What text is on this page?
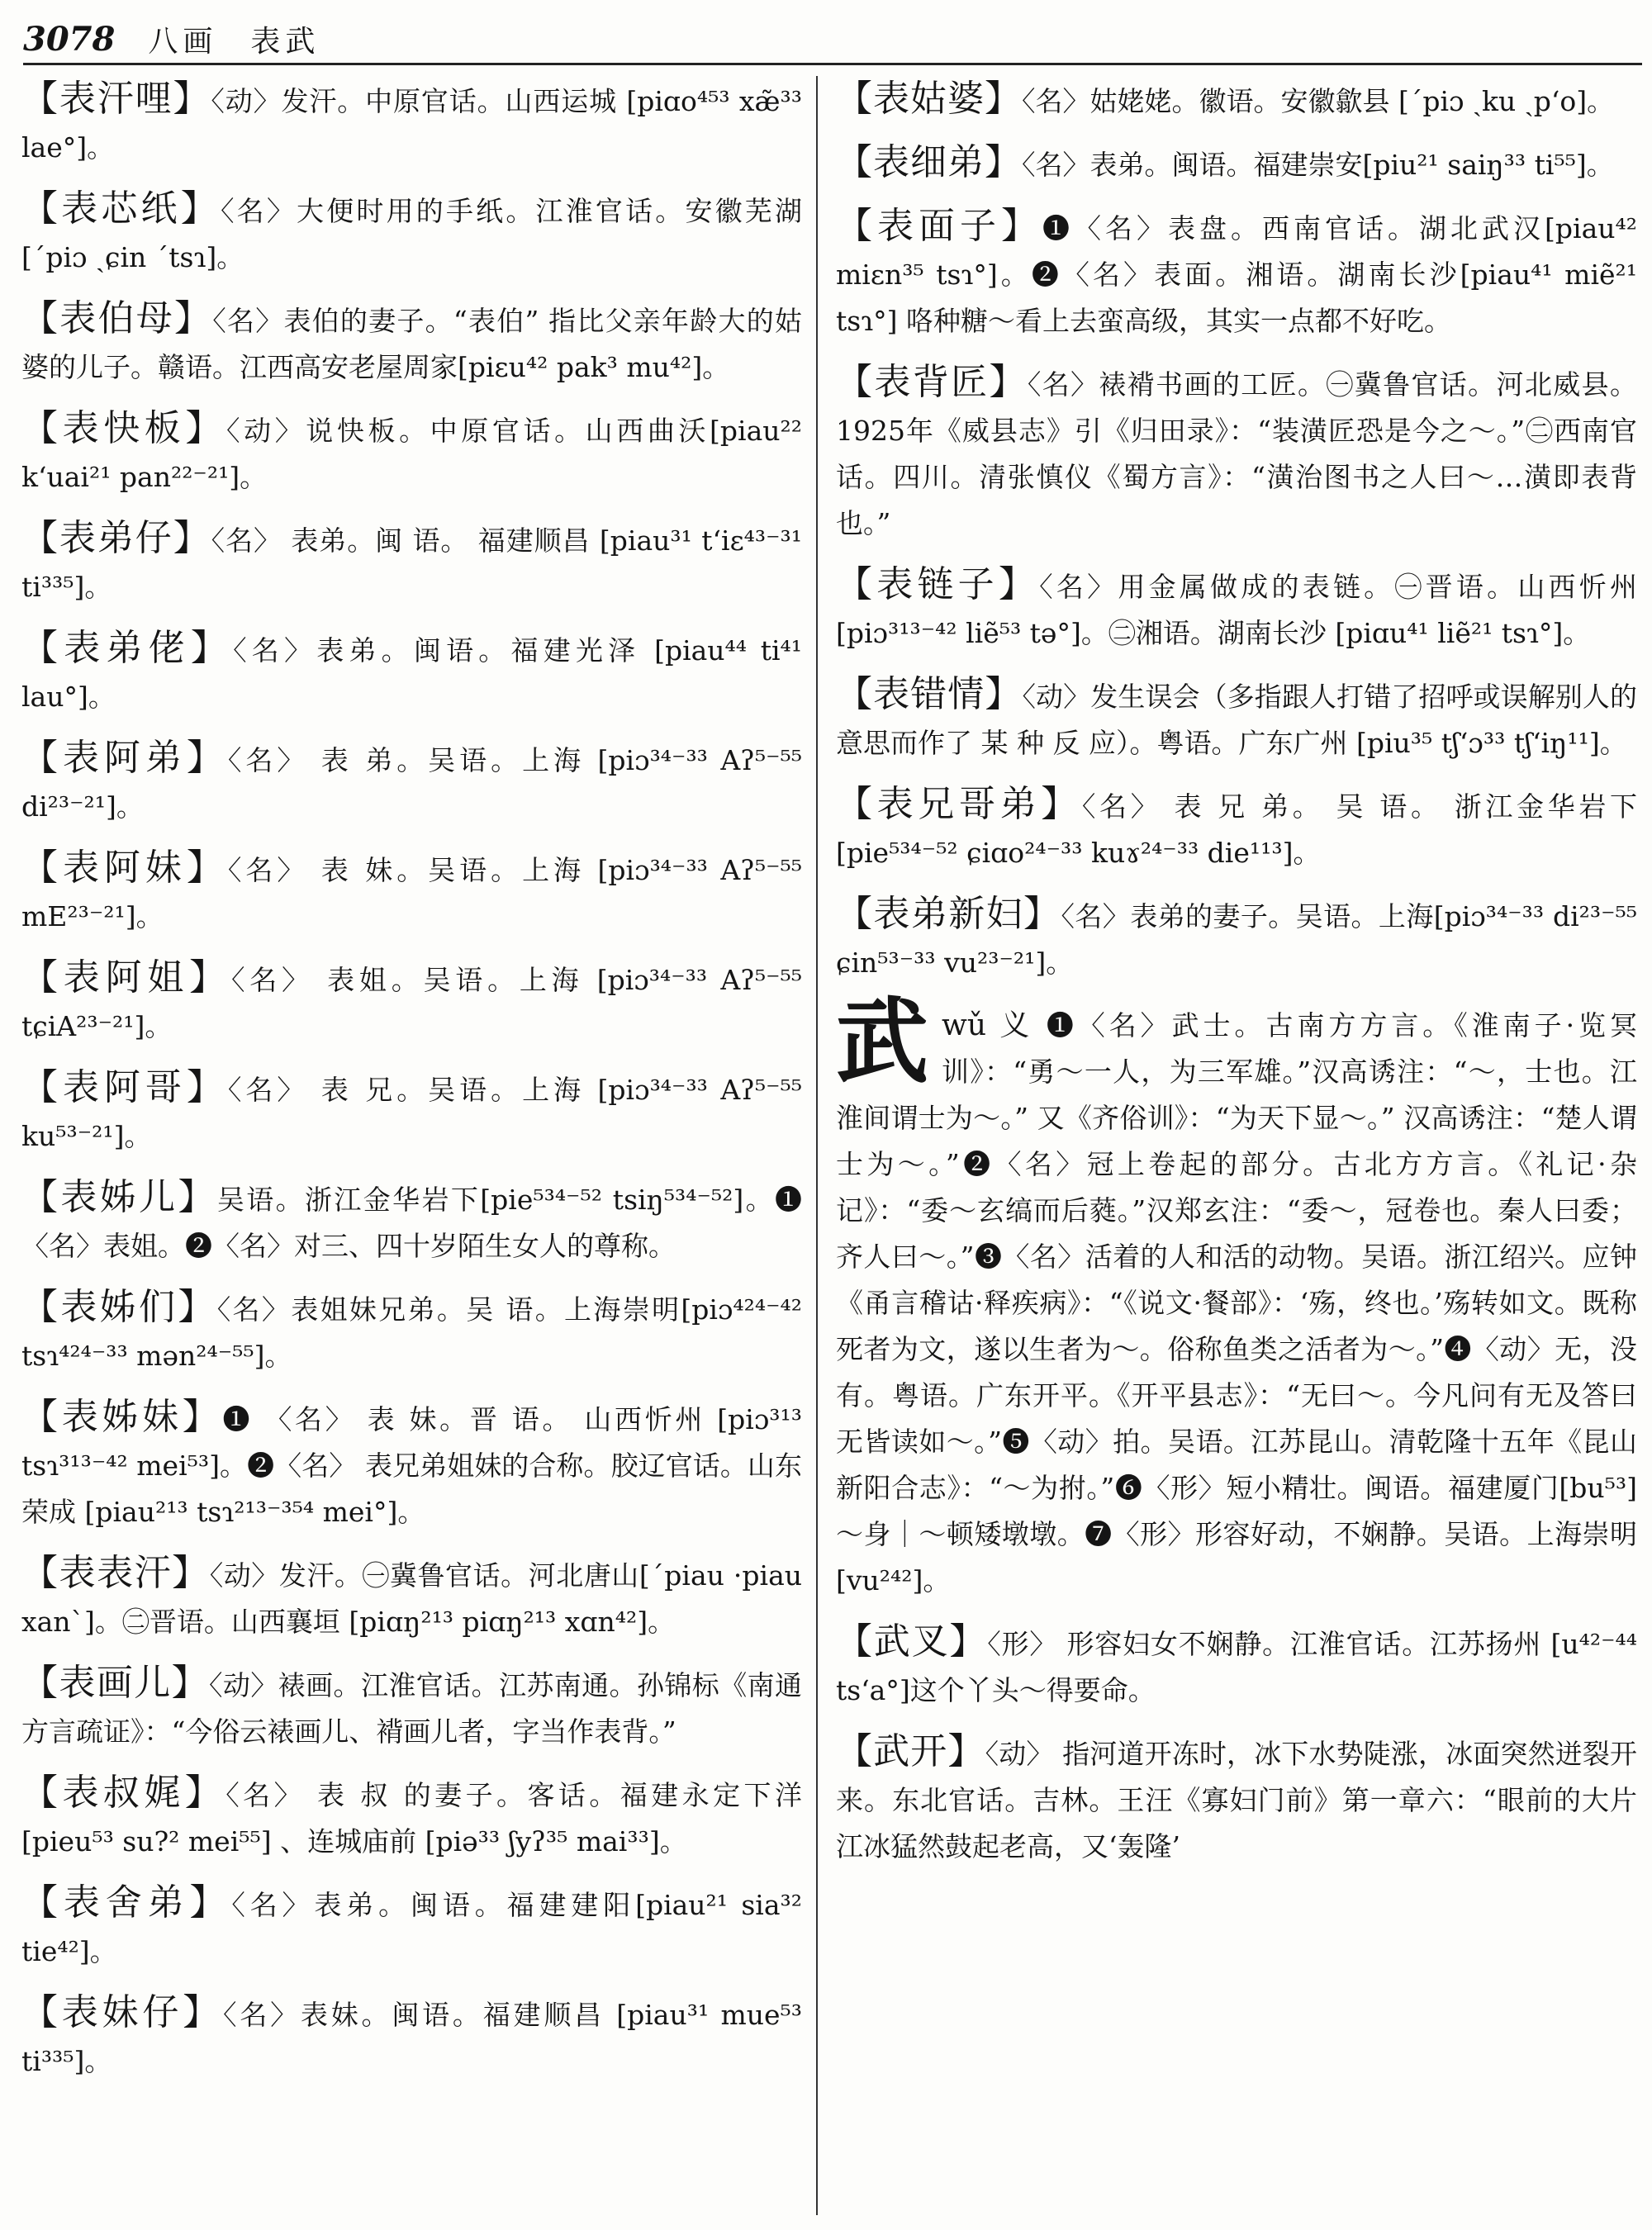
3078 八画 表武
【表汗哩】〈动〉发汗。中原官话。山西运城 [piɑo⁴⁵³ xæ̃³³ lae°]。
【表芯纸】〈名〉大便时用的手纸。江淮官话。安徽芜湖[ˊpiɔ ˏɕin ˊtsɿ]。
【表伯母】〈名〉表伯的妻子。“表伯” 指比父亲年龄大的姑婆的儿子。赣语。江西高安老屋周家[piɛu⁴² pak³ mu⁴²]。
【表快板】〈动〉说快板。中原官话。山西曲沃[piau²² k‘uai²¹ pan²²⁻²¹]。
【表弟仔】〈名〉 表弟。闽 语。 福建顺昌 [piau³¹ t‘iɛ⁴³⁻³¹ ti³³⁵]。
【表弟佬】〈名〉表弟。闽语。福建光泽 [piau⁴⁴ ti⁴¹ lau°]。
【表阿弟】〈名〉 表 弟。吴语。上海 [piɔ³⁴⁻³³ Aʔ⁵⁻⁵⁵ di²³⁻²¹]。
【表阿妹】〈名〉 表 妹。吴语。上海 [piɔ³⁴⁻³³ Aʔ⁵⁻⁵⁵ mE²³⁻²¹]。
【表阿姐】〈名〉 表姐。吴语。上海 [piɔ³⁴⁻³³ Aʔ⁵⁻⁵⁵ tɕiA²³⁻²¹]。
【表阿哥】〈名〉 表 兄。吴语。上海 [piɔ³⁴⁻³³ Aʔ⁵⁻⁵⁵ ku⁵³⁻²¹]。
【表姊儿】吴语。浙江金华岩下[pie⁵³⁴⁻⁵² tsiŋ⁵³⁴⁻⁵²]。❶〈名〉表姐。❷〈名〉对三、四十岁陌生女人的尊称。
【表姊们】〈名〉表姐妹兄弟。吴 语。上海崇明[piɔ⁴²⁴⁻⁴² tsɿ⁴²⁴⁻³³ mən²⁴⁻⁵⁵]。
【表姊妹】❶ 〈名〉 表 妹。晋 语。 山西忻州 [piɔ³¹³ tsɿ³¹³⁻⁴² mei⁵³]。❷〈名〉 表兄弟姐妹的合称。胶辽官话。山东荣成 [piau²¹³ tsɿ²¹³⁻³⁵⁴ mei°]。
【表表汗】〈动〉发汗。㊀冀鲁官话。河北唐山[ˊpiau ·piau xanˋ]。㊁晋语。山西襄垣 [piɑŋ²¹³ piɑŋ²¹³ xɑn⁴²]。
【表画儿】〈动〉裱画。江淮官话。江苏南通。孙锦标《南通方言疏证》：“今俗云裱画儿、褙画儿者，字当作表背。”
【表叔娓】〈名〉 表 叔 的妻子。客话。福建永定下洋 [pieu⁵³ su?² mei⁵⁵] 、连城庙前 [piə³³ ʃyʔ³⁵ mai³³]。
【表舍弟】〈名〉表弟。闽语。福建建阳[piau²¹ sia³² tie⁴²]。
【表妹仔】〈名〉表妹。闽语。福建顺昌 [piau³¹ mue⁵³ ti³³⁵]。
【表姑婆】〈名〉姑姥姥。徽语。安徽歙县 [ˊpiɔ ˏku ˏp‘o]。
【表细弟】〈名〉表弟。闽语。福建崇安[piu²¹ saiŋ³³ ti⁵⁵]。
【表面子】❶〈名〉表盘。西南官话。湖北武汉[piau⁴² miɛn³⁵ tsɿ°]。❷〈名〉表面。湘语。湖南长沙[piau⁴¹ miẽ²¹ tsɿ°] 咯种糖～看上去蛮高级，其实一点都不好吃。
【表背匠】〈名〉裱褙书画的工匠。㊀冀鲁官话。河北威县。1925年《威县志》引《归田录》：“装潢匠恐是今之～。”㊁西南官话。四川。清张慎仪《蜀方言》：“潢治图书之人曰～…潢即表背也。”
【表链子】〈名〉用金属做成的表链。㊀晋语。山西忻州[piɔ³¹³⁻⁴² liẽ⁵³ tə°]。㊁湘语。湖南长沙 [piɑu⁴¹ liẽ²¹ tsɿ°]。
【表错情】〈动〉发生误会（多指跟人打错了招呼或误解别人的意思而作了 某 种 反 应）。粤语。广东广州 [piu³⁵ tʃ‘ɔ³³ tʃ‘iŋ¹¹]。
【表兄哥弟】〈名〉 表 兄 弟。 吴 语。 浙江金华岩下 [pie⁵³⁴⁻⁵² ɕiɑo²⁴⁻³³ kuɤ²⁴⁻³³ die¹¹³]。
【表弟新妇】〈名〉表弟的妻子。吴语。上海[piɔ³⁴⁻³³ di²³⁻⁵⁵ ɕin⁵³⁻³³ vu²³⁻²¹]。
武 wǔ 义 ❶〈名〉武士。古南方方言。《淮南子·览冥训》：“勇～一人，为三军雄。”汉高诱注：“～，士也。江淮间谓士为～。” 又《齐俗训》：“为天下显～。” 汉高诱注：“楚人谓士为～。”❷〈名〉冠上卷起的部分。古北方方言。《礼记·杂记》：“委～玄缟而后蕤。”汉郑玄注：“委～，冠卷也。秦人曰委；齐人曰～。”❸〈名〉活着的人和活的动物。吴语。浙江绍兴。应钟《甬言稽诂·释疾病》：“《说文·餐部》：‘殇，终也。’殇转如文。既称死者为文，遂以生者为～。俗称鱼类之活者为～。”❹〈动〉无，没有。粤语。广东开平。《开平县志》：“无曰～。今凡问有无及答曰无皆读如～。”❺〈动〉拍。吴语。江苏昆山。清乾隆十五年《昆山新阳合志》：“～为拊。”❻〈形〉短小精壮。闽语。福建厦门[bu⁵³] ～身｜～顿矮墩墩。❼〈形〉形容好动，不娴静。吴语。上海崇明 [vu²⁴²]。
【武叉】〈形〉 形容妇女不娴静。江淮官话。江苏扬州 [u⁴²⁻⁴⁴ ts‘a°]这个丫头～得要命。
【武开】〈动〉 指河道开冻时，冰下水势陡涨，冰面突然迸裂开来。东北官话。吉林。王汪《寡妇门前》第一章六：“眼前的大片江冰猛然鼓起老高，又‘轰隆’
